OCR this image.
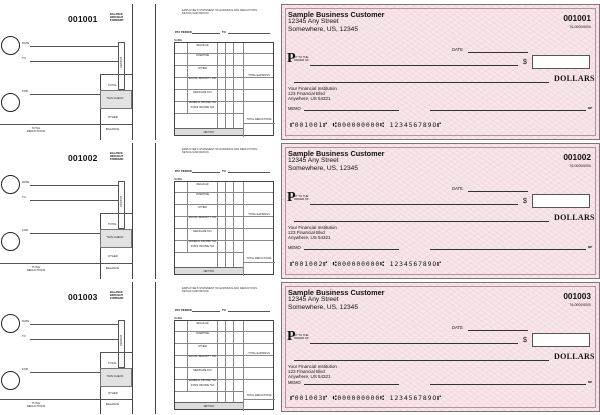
001001	BALANCE BROUGHT FORWARD
DATE
TO
FOR
DEPOSIT
TOTAL
THIS CHECK
OTHER
TOTAL DEDUCTIONS
BALANCE
EMPLOYEE'S STATEMENT OF EARNINGS AND DEDUCTIONS. DETACH AND RETAIN
PAY PERIOD	TO
NAME
REGULAR
OVERTIME
OTHER
SOCIAL SECURITY TAX
MEDICARE TAX
FEDERAL INCOME TAX
STATE INCOME TAX
TOTAL EARNINGS
TOTAL DEDUCTIONS
NET PAY
Sample Business Customer
12345 Any Street
Somewhere, US, 12345
001001
76-0000/0000
DATE
P
AY TO THE ORDER OF	$
DOLLARS
Your Financial Institution
123 Financial Blvd
Anywhere, US 54321
MEMO	MP
⑈001001⑈ ⑆000000000⑆ 123456789O⑈
001002	BALANCE BROUGHT FORWARD
DATE
TO
FOR
DEPOSIT
TOTAL
THIS CHECK
OTHER
TOTAL DEDUCTIONS
BALANCE
EMPLOYEE'S STATEMENT OF EARNINGS AND DEDUCTIONS. DETACH AND RETAIN
PAY PERIOD	TO
NAME
REGULAR
OVERTIME
OTHER
SOCIAL SECURITY TAX
MEDICARE TAX
FEDERAL INCOME TAX
STATE INCOME TAX
TOTAL EARNINGS
TOTAL DEDUCTIONS
NET PAY
Sample Business Customer
12345 Any Street
Somewhere, US, 12345
001002
76-0000/0000
DATE
P
AY TO THE ORDER OF	$
DOLLARS
Your Financial Institution
123 Financial Blvd
Anywhere, US 54321
MEMO	MP
⑈001002⑈ ⑆000000000⑆ 123456789O⑈
001003	BALANCE BROUGHT FORWARD
DATE
TO
FOR
DEPOSIT
TOTAL
THIS CHECK
OTHER
TOTAL DEDUCTIONS
BALANCE
EMPLOYEE'S STATEMENT OF EARNINGS AND DEDUCTIONS. DETACH AND RETAIN
PAY PERIOD	TO
NAME
REGULAR
OVERTIME
OTHER
SOCIAL SECURITY TAX
MEDICARE TAX
FEDERAL INCOME TAX
STATE INCOME TAX
TOTAL EARNINGS
TOTAL DEDUCTIONS
NET PAY
Sample Business Customer
12345 Any Street
Somewhere, US, 12345
001003
76-0000/0000
DATE
P
AY TO THE ORDER OF	$
DOLLARS
Your Financial Institution
123 Financial Blvd
Anywhere, US 54321
MEMO	MP
⑈001003⑈ ⑆000000000⑆ 123456789O⑈
